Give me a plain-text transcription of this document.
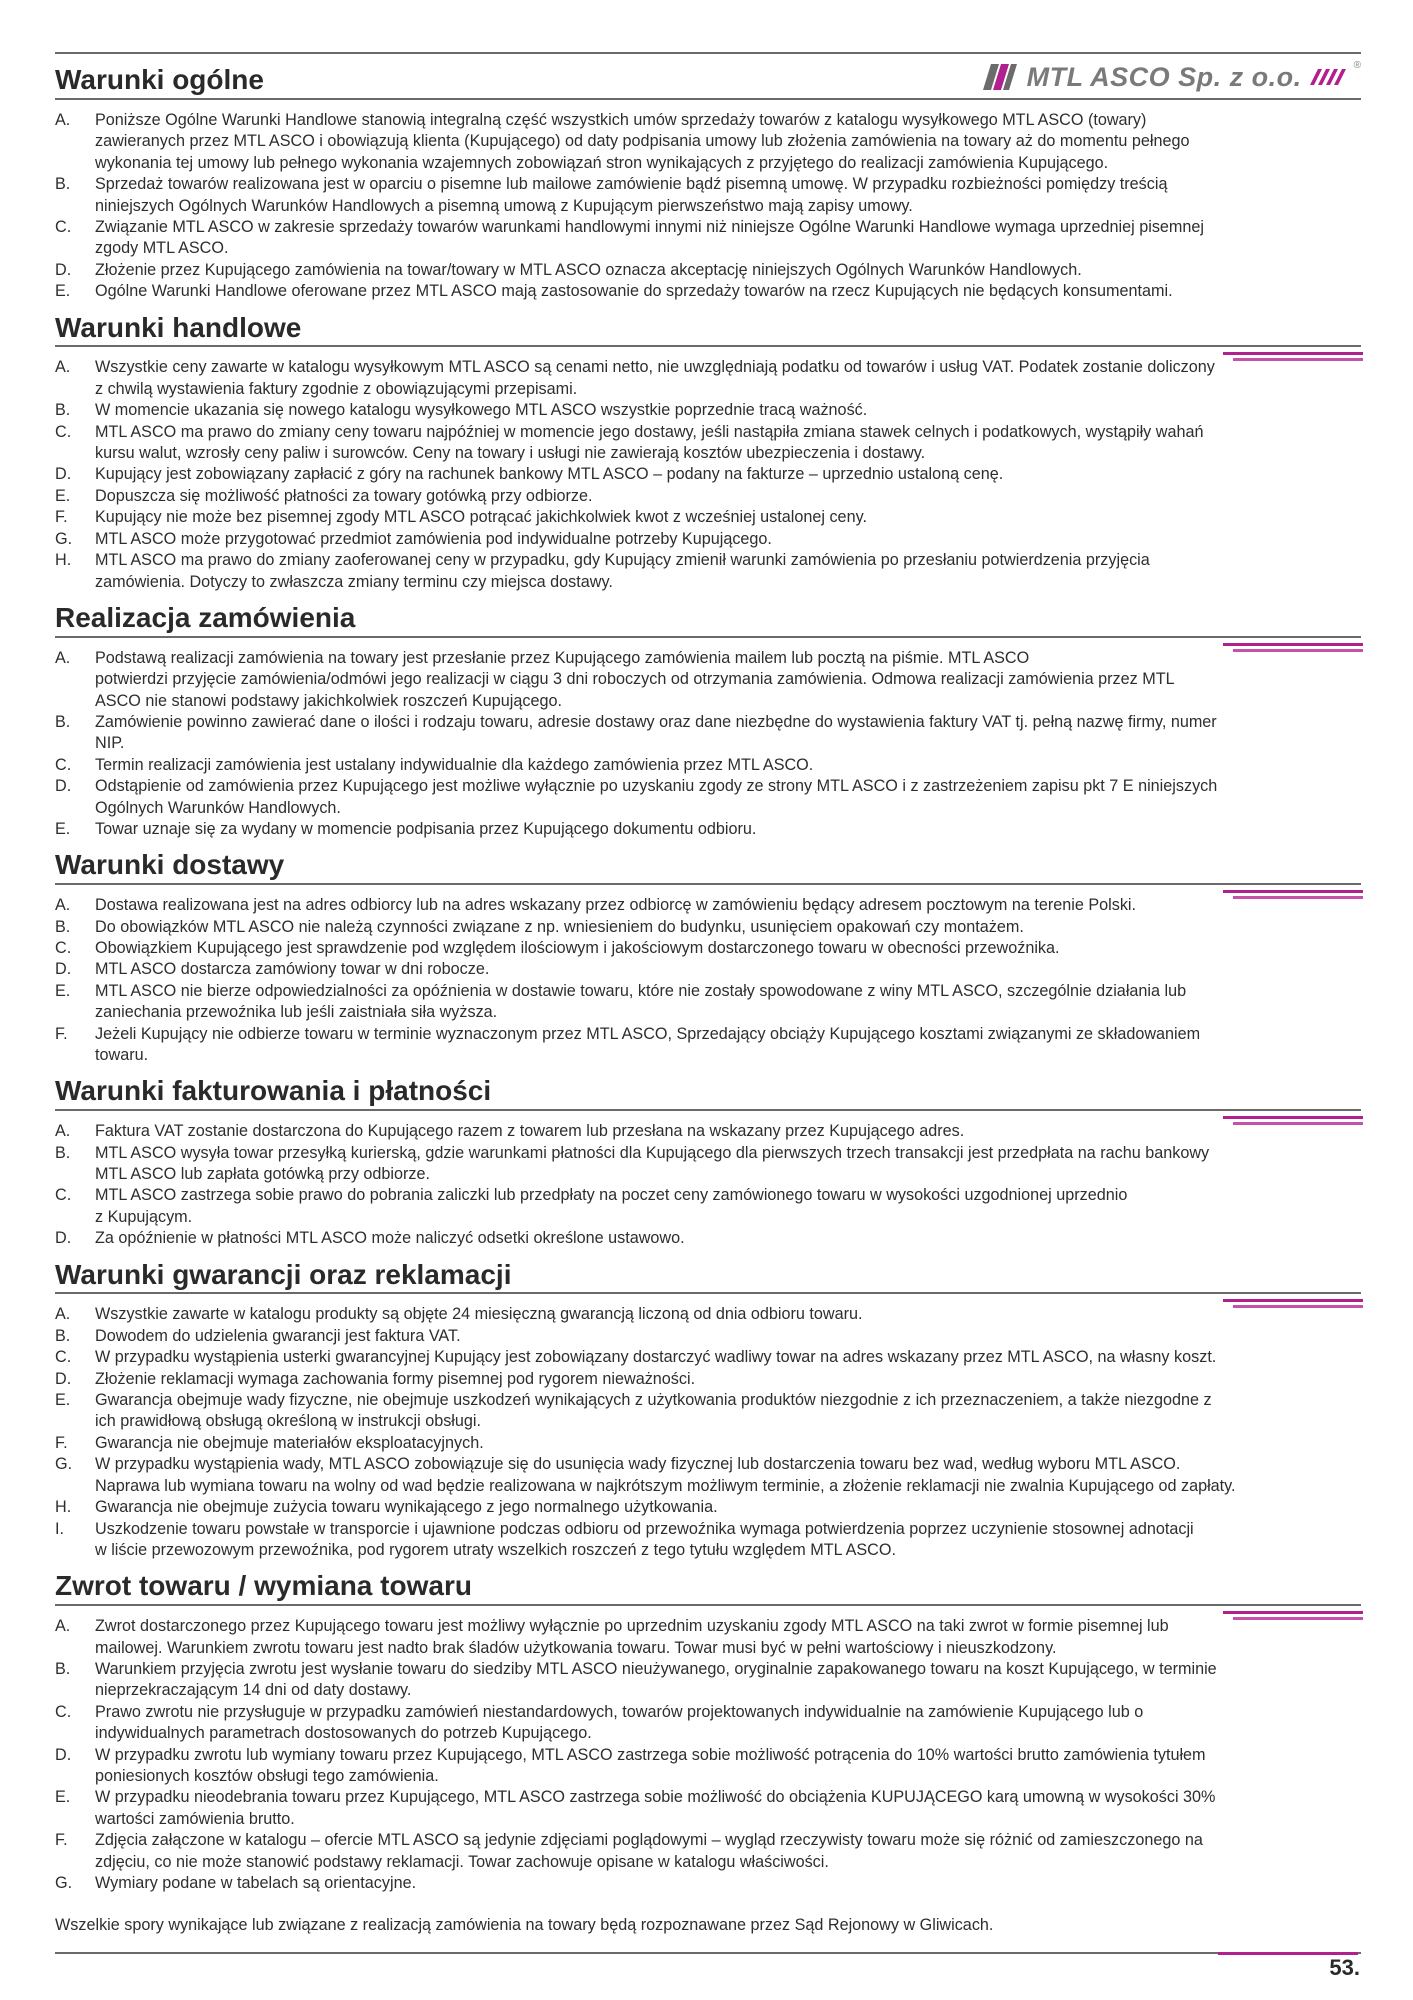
Warunki ogólne	MTL ASCO Sp. z o.o.	®
A.	Poniższe Ogólne Warunki Handlowe stanowią integralną część wszystkich umów sprzedaży towarów z katalogu wysyłkowego MTL ASCO (towary)
zawieranych przez MTL ASCO i obowiązują klienta (Kupującego) od daty podpisania umowy lub złożenia zamówienia na towary aż do momentu pełnego
wykonania tej umowy lub pełnego wykonania wzajemnych zobowiązań stron wynikających z przyjętego do realizacji zamówienia Kupującego.
B.	Sprzedaż towarów realizowana jest w oparciu o pisemne lub mailowe zamówienie bądź pisemną umowę. W przypadku rozbieżności pomiędzy treścią
niniejszych Ogólnych Warunków Handlowych a pisemną umową z Kupującym pierwszeństwo mają zapisy umowy.
C.	Związanie MTL ASCO w zakresie sprzedaży towarów warunkami handlowymi innymi niż niniejsze Ogólne Warunki Handlowe wymaga uprzedniej pisemnej
zgody MTL ASCO.
D.	Złożenie przez Kupującego zamówienia na towar/towary w MTL ASCO oznacza akceptację niniejszych Ogólnych Warunków Handlowych.
E.	Ogólne Warunki Handlowe oferowane przez MTL ASCO mają zastosowanie do sprzedaży towarów na rzecz Kupujących nie będących konsumentami.
Warunki handlowe
A.	Wszystkie ceny zawarte w katalogu wysyłkowym MTL ASCO są cenami netto, nie uwzględniają podatku od towarów i usług VAT. Podatek zostanie doliczony
z chwilą wystawienia faktury zgodnie z obowiązującymi przepisami.
B.	W momencie ukazania się nowego katalogu wysyłkowego MTL ASCO wszystkie poprzednie tracą ważność.
C.	MTL ASCO ma prawo do zmiany ceny towaru najpóźniej w momencie jego dostawy, jeśli nastąpiła zmiana stawek celnych i podatkowych, wystąpiły wahań
kursu walut, wzrosły ceny paliw i surowców. Ceny na towary i usługi nie zawierają kosztów ubezpieczenia i dostawy.
D.	Kupujący jest zobowiązany zapłacić z góry na rachunek bankowy MTL ASCO – podany na fakturze – uprzednio ustaloną cenę.
E.	Dopuszcza się możliwość płatności za towary gotówką przy odbiorze.
F.	Kupujący nie może bez pisemnej zgody MTL ASCO potrącać jakichkolwiek kwot z wcześniej ustalonej ceny.
G.	MTL ASCO może przygotować przedmiot zamówienia pod indywidualne potrzeby Kupującego.
H.	MTL ASCO ma prawo do zmiany zaoferowanej ceny w przypadku, gdy Kupujący zmienił warunki zamówienia po przesłaniu potwierdzenia przyjęcia
zamówienia. Dotyczy to zwłaszcza zmiany terminu czy miejsca dostawy.
Realizacja zamówienia
A.	Podstawą realizacji zamówienia na towary jest przesłanie przez Kupującego zamówienia mailem lub pocztą na piśmie. MTL ASCO
potwierdzi przyjęcie zamówienia/odmówi jego realizacji w ciągu 3 dni roboczych od otrzymania zamówienia. Odmowa realizacji zamówienia przez MTL
ASCO nie stanowi podstawy jakichkolwiek roszczeń Kupującego.
B.	Zamówienie powinno zawierać dane o ilości i rodzaju towaru, adresie dostawy oraz dane niezbędne do wystawienia faktury VAT tj. pełną nazwę firmy, numer
NIP.
C.	Termin realizacji zamówienia jest ustalany indywidualnie dla każdego zamówienia przez MTL ASCO.
D.	Odstąpienie od zamówienia przez Kupującego jest możliwe wyłącznie po uzyskaniu zgody ze strony MTL ASCO i z zastrzeżeniem zapisu pkt 7 E niniejszych
Ogólnych Warunków Handlowych.
E.	Towar uznaje się za wydany w momencie podpisania przez Kupującego dokumentu odbioru.
Warunki dostawy
A.	Dostawa realizowana jest na adres odbiorcy lub na adres wskazany przez odbiorcę w zamówieniu będący adresem pocztowym na terenie Polski.
B.	Do obowiązków MTL ASCO nie należą czynności związane z np. wniesieniem do budynku, usunięciem opakowań czy montażem.
C.	Obowiązkiem Kupującego jest sprawdzenie pod względem ilościowym i jakościowym dostarczonego towaru w obecności przewoźnika.
D.	MTL ASCO dostarcza zamówiony towar w dni robocze.
E.	MTL ASCO nie bierze odpowiedzialności za opóźnienia w dostawie towaru, które nie zostały spowodowane z winy MTL ASCO, szczególnie działania lub
zaniechania przewoźnika lub jeśli zaistniała siła wyższa.
F.	Jeżeli Kupujący nie odbierze towaru w terminie wyznaczonym przez MTL ASCO, Sprzedający obciąży Kupującego kosztami związanymi ze składowaniem
towaru.
Warunki fakturowania i płatności
A.	Faktura VAT zostanie dostarczona do Kupującego razem z towarem lub przesłana na wskazany przez Kupującego adres.
B.	MTL ASCO wysyła towar przesyłką kurierską, gdzie warunkami płatności dla Kupującego dla pierwszych trzech transakcji jest przedpłata na rachu bankowy
MTL ASCO lub zapłata gotówką przy odbiorze.
C.	MTL ASCO zastrzega sobie prawo do pobrania zaliczki lub przedpłaty na poczet ceny zamówionego towaru w wysokości uzgodnionej uprzednio
z Kupującym.
D.	Za opóźnienie w płatności MTL ASCO może naliczyć odsetki określone ustawowo.
Warunki gwarancji oraz reklamacji
A.	Wszystkie zawarte w katalogu produkty są objęte 24 miesięczną gwarancją liczoną od dnia odbioru towaru.
B.	Dowodem do udzielenia gwarancji jest faktura VAT.
C.	W przypadku wystąpienia usterki gwarancyjnej Kupujący jest zobowiązany dostarczyć wadliwy towar na adres wskazany przez MTL ASCO, na własny koszt.
D.	Złożenie reklamacji wymaga zachowania formy pisemnej pod rygorem nieważności.
E.	Gwarancja obejmuje wady fizyczne, nie obejmuje uszkodzeń wynikających z użytkowania produktów niezgodnie z ich przeznaczeniem, a także niezgodne z
ich prawidłową obsługą określoną w instrukcji obsługi.
F.	Gwarancja nie obejmuje materiałów eksploatacyjnych.
G.	W przypadku wystąpienia wady, MTL ASCO zobowiązuje się do usunięcia wady fizycznej lub dostarczenia towaru bez wad, według wyboru MTL ASCO.
Naprawa lub wymiana towaru na wolny od wad będzie realizowana w najkrótszym możliwym terminie, a złożenie reklamacji nie zwalnia Kupującego od zapłaty.
H.	Gwarancja nie obejmuje zużycia towaru wynikającego z jego normalnego użytkowania.
I.	Uszkodzenie towaru powstałe w transporcie i ujawnione podczas odbioru od przewoźnika wymaga potwierdzenia poprzez uczynienie stosownej adnotacji
w liście przewozowym przewoźnika, pod rygorem utraty wszelkich roszczeń z tego tytułu względem MTL ASCO.
Zwrot towaru / wymiana towaru
A.	Zwrot dostarczonego przez Kupującego towaru jest możliwy wyłącznie po uprzednim uzyskaniu zgody MTL ASCO na taki zwrot w formie pisemnej lub
mailowej. Warunkiem zwrotu towaru jest nadto brak śladów użytkowania towaru. Towar musi być w pełni wartościowy i nieuszkodzony.
B.	Warunkiem przyjęcia zwrotu jest wysłanie towaru do siedziby MTL ASCO nieużywanego, oryginalnie zapakowanego towaru na koszt Kupującego, w terminie
nieprzekraczającym 14 dni od daty dostawy.
C.	Prawo zwrotu nie przysługuje w przypadku zamówień niestandardowych, towarów projektowanych indywidualnie na zamówienie Kupującego lub o
indywidualnych parametrach dostosowanych do potrzeb Kupującego.
D.	W przypadku zwrotu lub wymiany towaru przez Kupującego, MTL ASCO zastrzega sobie możliwość potrącenia do 10% wartości brutto zamówienia tytułem
poniesionych kosztów obsługi tego zamówienia.
E.	W przypadku nieodebrania towaru przez Kupującego, MTL ASCO zastrzega sobie możliwość do obciążenia KUPUJĄCEGO karą umowną w wysokości 30%
wartości zamówienia brutto.
F.	Zdjęcia załączone w katalogu – ofercie MTL ASCO są jedynie zdjęciami poglądowymi – wygląd rzeczywisty towaru może się różnić od zamieszczonego na
zdjęciu, co nie może stanowić podstawy reklamacji. Towar zachowuje opisane w katalogu właściwości.
G.	Wymiary podane w tabelach są orientacyjne.
Wszelkie spory wynikające lub związane z realizacją zamówienia na towary będą rozpoznawane przez Sąd Rejonowy w Gliwicach.
53.
